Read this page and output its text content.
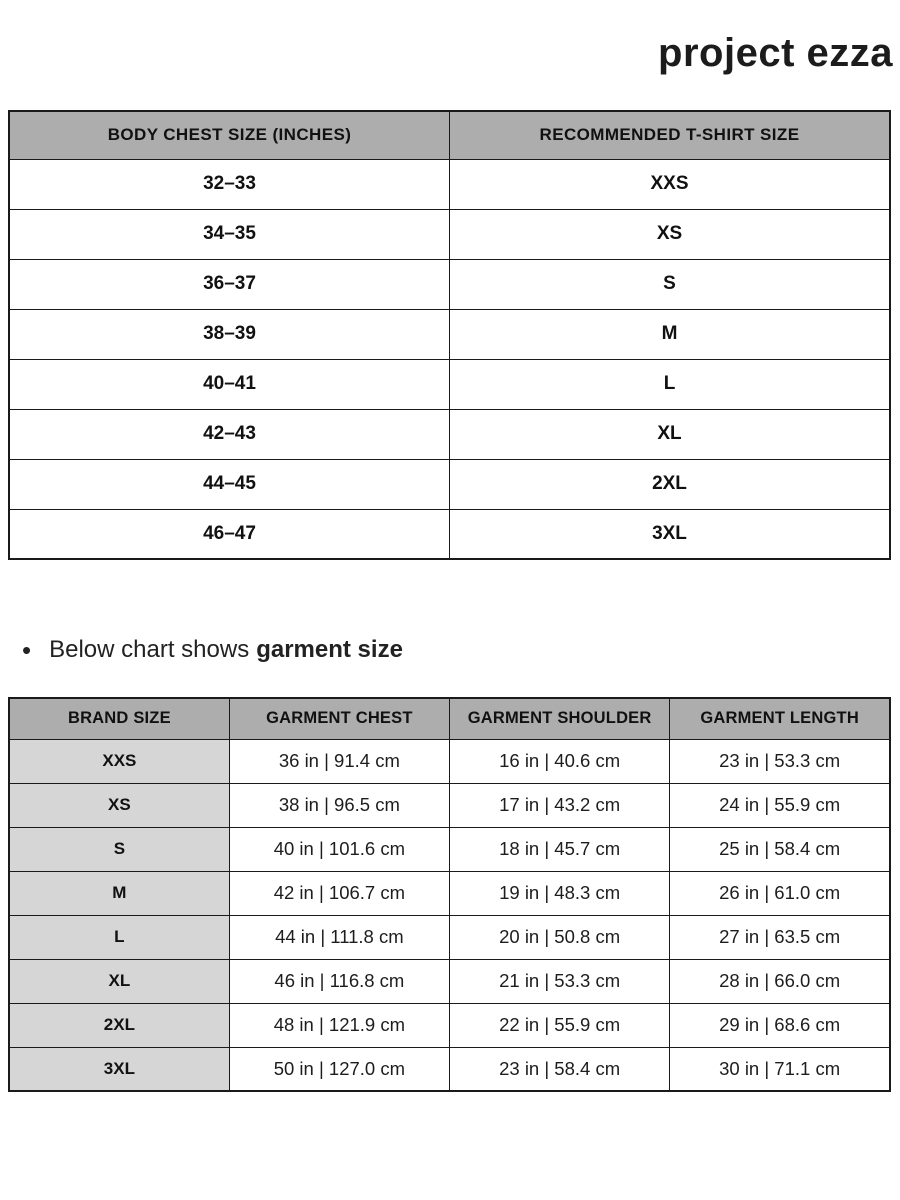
project ezza
BODY CHEST SIZE (INCHES)	RECOMMENDED T-SHIRT SIZE
32–33	XXS
34–35	XS
36–37	S
38–39	M
40–41	L
42–43	XL
44–45	2XL
46–47	3XL
• Below chart shows garment size
BRAND SIZE	GARMENT CHEST	GARMENT SHOULDER	GARMENT LENGTH
XXS	36 in | 91.4 cm	16 in | 40.6 cm	23 in | 53.3 cm
XS	38 in | 96.5 cm	17 in | 43.2 cm	24 in | 55.9 cm
S	40 in | 101.6 cm	18 in | 45.7 cm	25 in | 58.4 cm
M	42 in | 106.7 cm	19 in | 48.3 cm	26 in | 61.0 cm
L	44 in | 111.8 cm	20 in | 50.8 cm	27 in | 63.5 cm
XL	46 in | 116.8 cm	21 in | 53.3 cm	28 in | 66.0 cm
2XL	48 in | 121.9 cm	22 in | 55.9 cm	29 in | 68.6 cm
3XL	50 in | 127.0 cm	23 in | 58.4 cm	30 in | 71.1 cm
